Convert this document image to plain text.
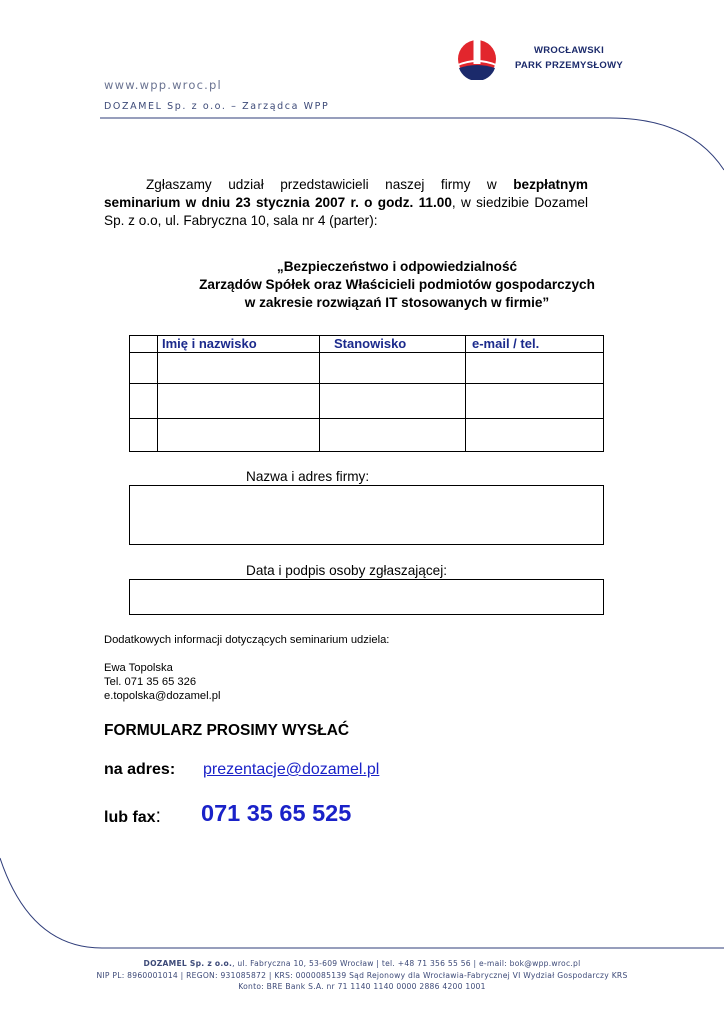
WROCŁAWSKI
PARK PRZEMYSŁOWY
www.wpp.wroc.pl
DOZAMEL Sp. z o.o. – Zarządca WPP
Zgłaszamy udział przedstawicieli naszej firmy w bezpłatnym seminarium w dniu 23 stycznia 2007 r. o godz. 11.00, w siedzibie Dozamel Sp. z o.o, ul. Fabryczna 10, sala nr 4 (parter):
„Bezpieczeństwo i odpowiedzialność
Zarządów Spółek oraz Właścicieli podmiotów gospodarczych
w zakresie rozwiązań IT stosowanych w firmie”
	Imię i nazwisko	Stanowisko	e-mail / tel.

Nazwa i adres firmy:
Data i podpis osoby zgłaszającej:
Dodatkowych informacji dotyczących seminarium udziela:
Ewa Topolska
Tel. 071 35 65 326
e.topolska@dozamel.pl
FORMULARZ PROSIMY WYSŁAĆ
na adres: prezentacje@dozamel.pl
lub fax: 071 35 65 525
DOZAMEL Sp. z o.o., ul. Fabryczna 10, 53-609 Wrocław | tel. +48 71 356 55 56 | e-mail: bok@wpp.wroc.pl
NIP PL: 8960001014 | REGON: 931085872 | KRS: 0000085139 Sąd Rejonowy dla Wrocławia-Fabrycznej VI Wydział Gospodarczy KRS
Konto: BRE Bank S.A. nr 71 1140 1140 0000 2886 4200 1001
